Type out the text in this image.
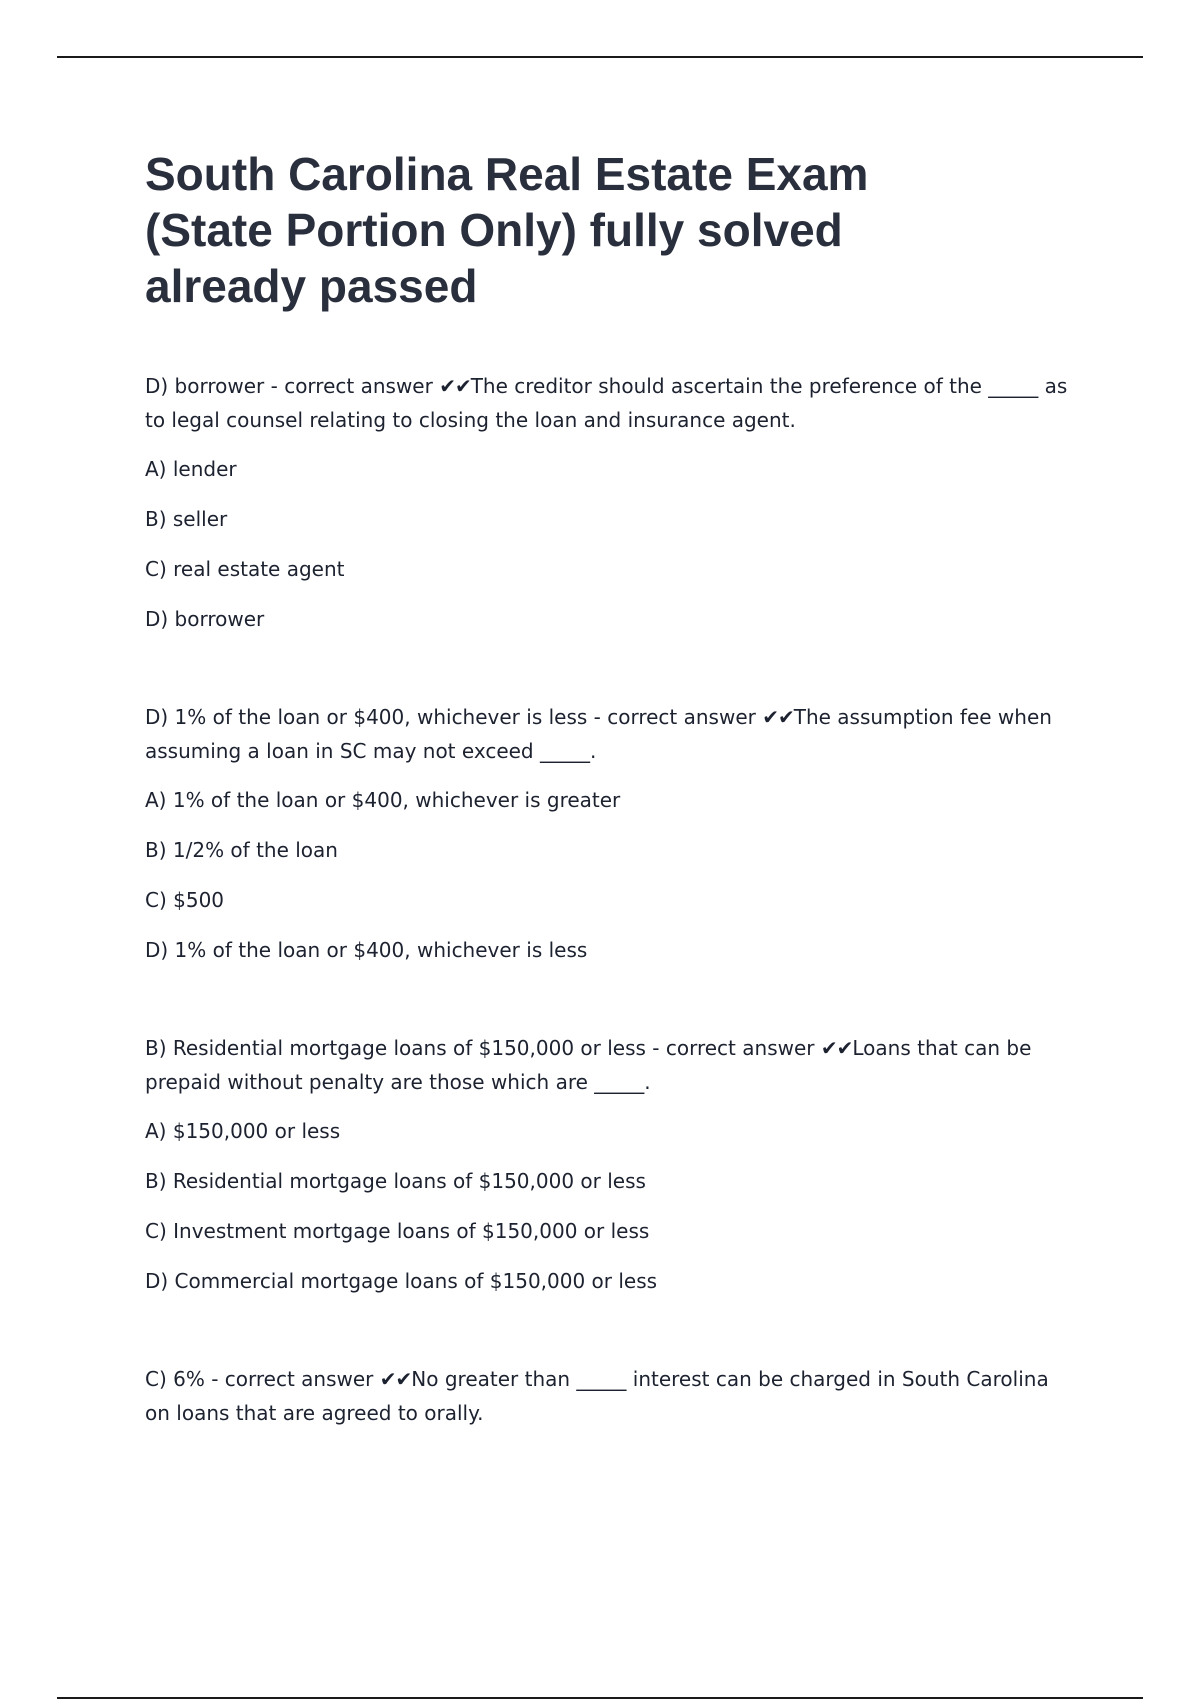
South Carolina Real Estate Exam (State Portion Only) fully solved already passed

D) borrower - correct answer ✔✔The creditor should ascertain the preference of the _____ as to legal counsel relating to closing the loan and insurance agent.

A) lender

B) seller

C) real estate agent

D) borrower

D) 1% of the loan or $400, whichever is less - correct answer ✔✔The assumption fee when assuming a loan in SC may not exceed _____.

A) 1% of the loan or $400, whichever is greater

B) 1/2% of the loan

C) $500

D) 1% of the loan or $400, whichever is less

B) Residential mortgage loans of $150,000 or less - correct answer ✔✔Loans that can be prepaid without penalty are those which are _____.

A) $150,000 or less

B) Residential mortgage loans of $150,000 or less

C) Investment mortgage loans of $150,000 or less

D) Commercial mortgage loans of $150,000 or less

C) 6% - correct answer ✔✔No greater than _____ interest can be charged in South Carolina on loans that are agreed to orally.
